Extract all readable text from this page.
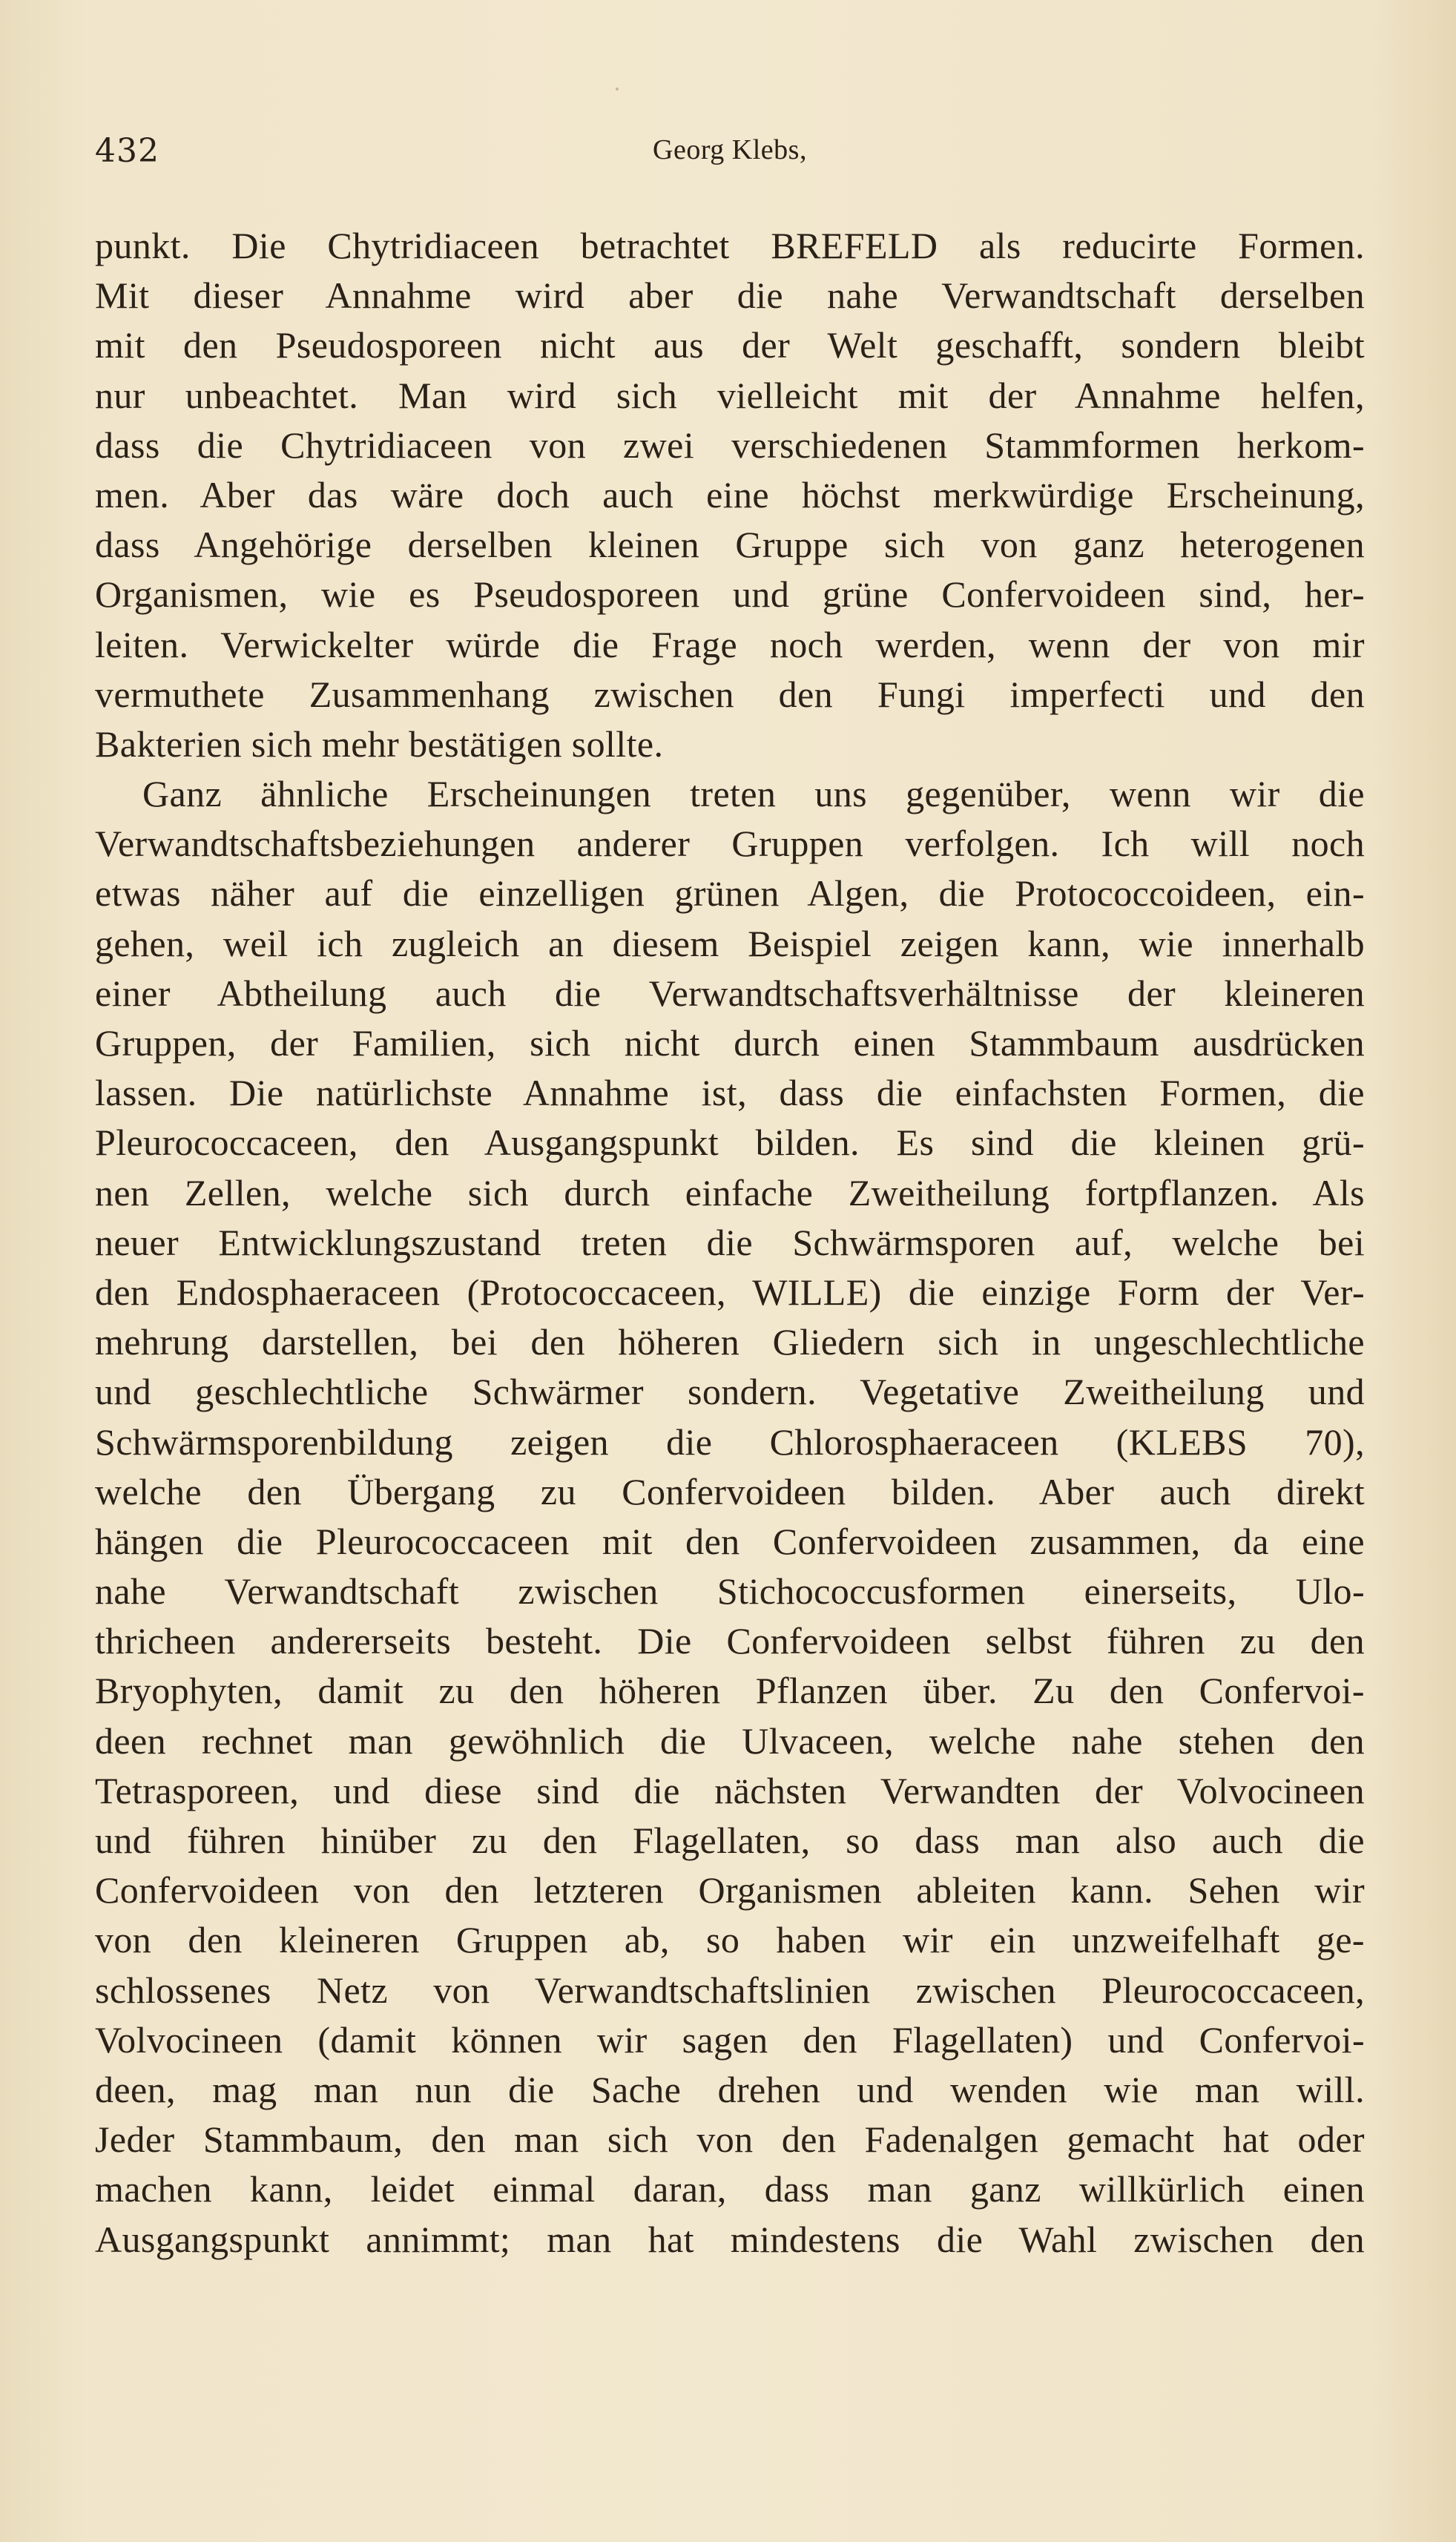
432	Georg Klebs,
punkt. Die Chytridiaceen betrachtet BREFELD als reducirte Formen.
Mit dieser Annahme wird aber die nahe Verwandtschaft derselben
mit den Pseudosporeen nicht aus der Welt geschafft, sondern bleibt
nur unbeachtet. Man wird sich vielleicht mit der Annahme helfen,
dass die Chytridiaceen von zwei verschiedenen Stammformen herkom-
men. Aber das wäre doch auch eine höchst merkwürdige Erscheinung,
dass Angehörige derselben kleinen Gruppe sich von ganz heterogenen
Organismen, wie es Pseudosporeen und grüne Confervoideen sind, her-
leiten. Verwickelter würde die Frage noch werden, wenn der von mir
vermuthete Zusammenhang zwischen den Fungi imperfecti und den
Bakterien sich mehr bestätigen sollte.
Ganz ähnliche Erscheinungen treten uns gegenüber, wenn wir die
Verwandtschaftsbeziehungen anderer Gruppen verfolgen. Ich will noch
etwas näher auf die einzelligen grünen Algen, die Protococcoideen, ein-
gehen, weil ich zugleich an diesem Beispiel zeigen kann, wie innerhalb
einer Abtheilung auch die Verwandtschaftsverhältnisse der kleineren
Gruppen, der Familien, sich nicht durch einen Stammbaum ausdrücken
lassen. Die natürlichste Annahme ist, dass die einfachsten Formen, die
Pleurococcaceen, den Ausgangspunkt bilden. Es sind die kleinen grü-
nen Zellen, welche sich durch einfache Zweitheilung fortpflanzen. Als
neuer Entwicklungszustand treten die Schwärmsporen auf, welche bei
den Endosphaeraceen (Protococcaceen, WILLE) die einzige Form der Ver-
mehrung darstellen, bei den höheren Gliedern sich in ungeschlechtliche
und geschlechtliche Schwärmer sondern. Vegetative Zweitheilung und
Schwärmsporenbildung zeigen die Chlorosphaeraceen (KLEBS 70),
welche den Übergang zu Confervoideen bilden. Aber auch direkt
hängen die Pleurococcaceen mit den Confervoideen zusammen, da eine
nahe Verwandtschaft zwischen Stichococcusformen einerseits, Ulo-
thricheen andererseits besteht. Die Confervoideen selbst führen zu den
Bryophyten, damit zu den höheren Pflanzen über. Zu den Confervoi-
deen rechnet man gewöhnlich die Ulvaceen, welche nahe stehen den
Tetrasporeen, und diese sind die nächsten Verwandten der Volvocineen
und führen hinüber zu den Flagellaten, so dass man also auch die
Confervoideen von den letzteren Organismen ableiten kann. Sehen wir
von den kleineren Gruppen ab, so haben wir ein unzweifelhaft ge-
schlossenes Netz von Verwandtschaftslinien zwischen Pleurococcaceen,
Volvocineen (damit können wir sagen den Flagellaten) und Confervoi-
deen, mag man nun die Sache drehen und wenden wie man will.
Jeder Stammbaum, den man sich von den Fadenalgen gemacht hat oder
machen kann, leidet einmal daran, dass man ganz willkürlich einen
Ausgangspunkt annimmt; man hat mindestens die Wahl zwischen den
